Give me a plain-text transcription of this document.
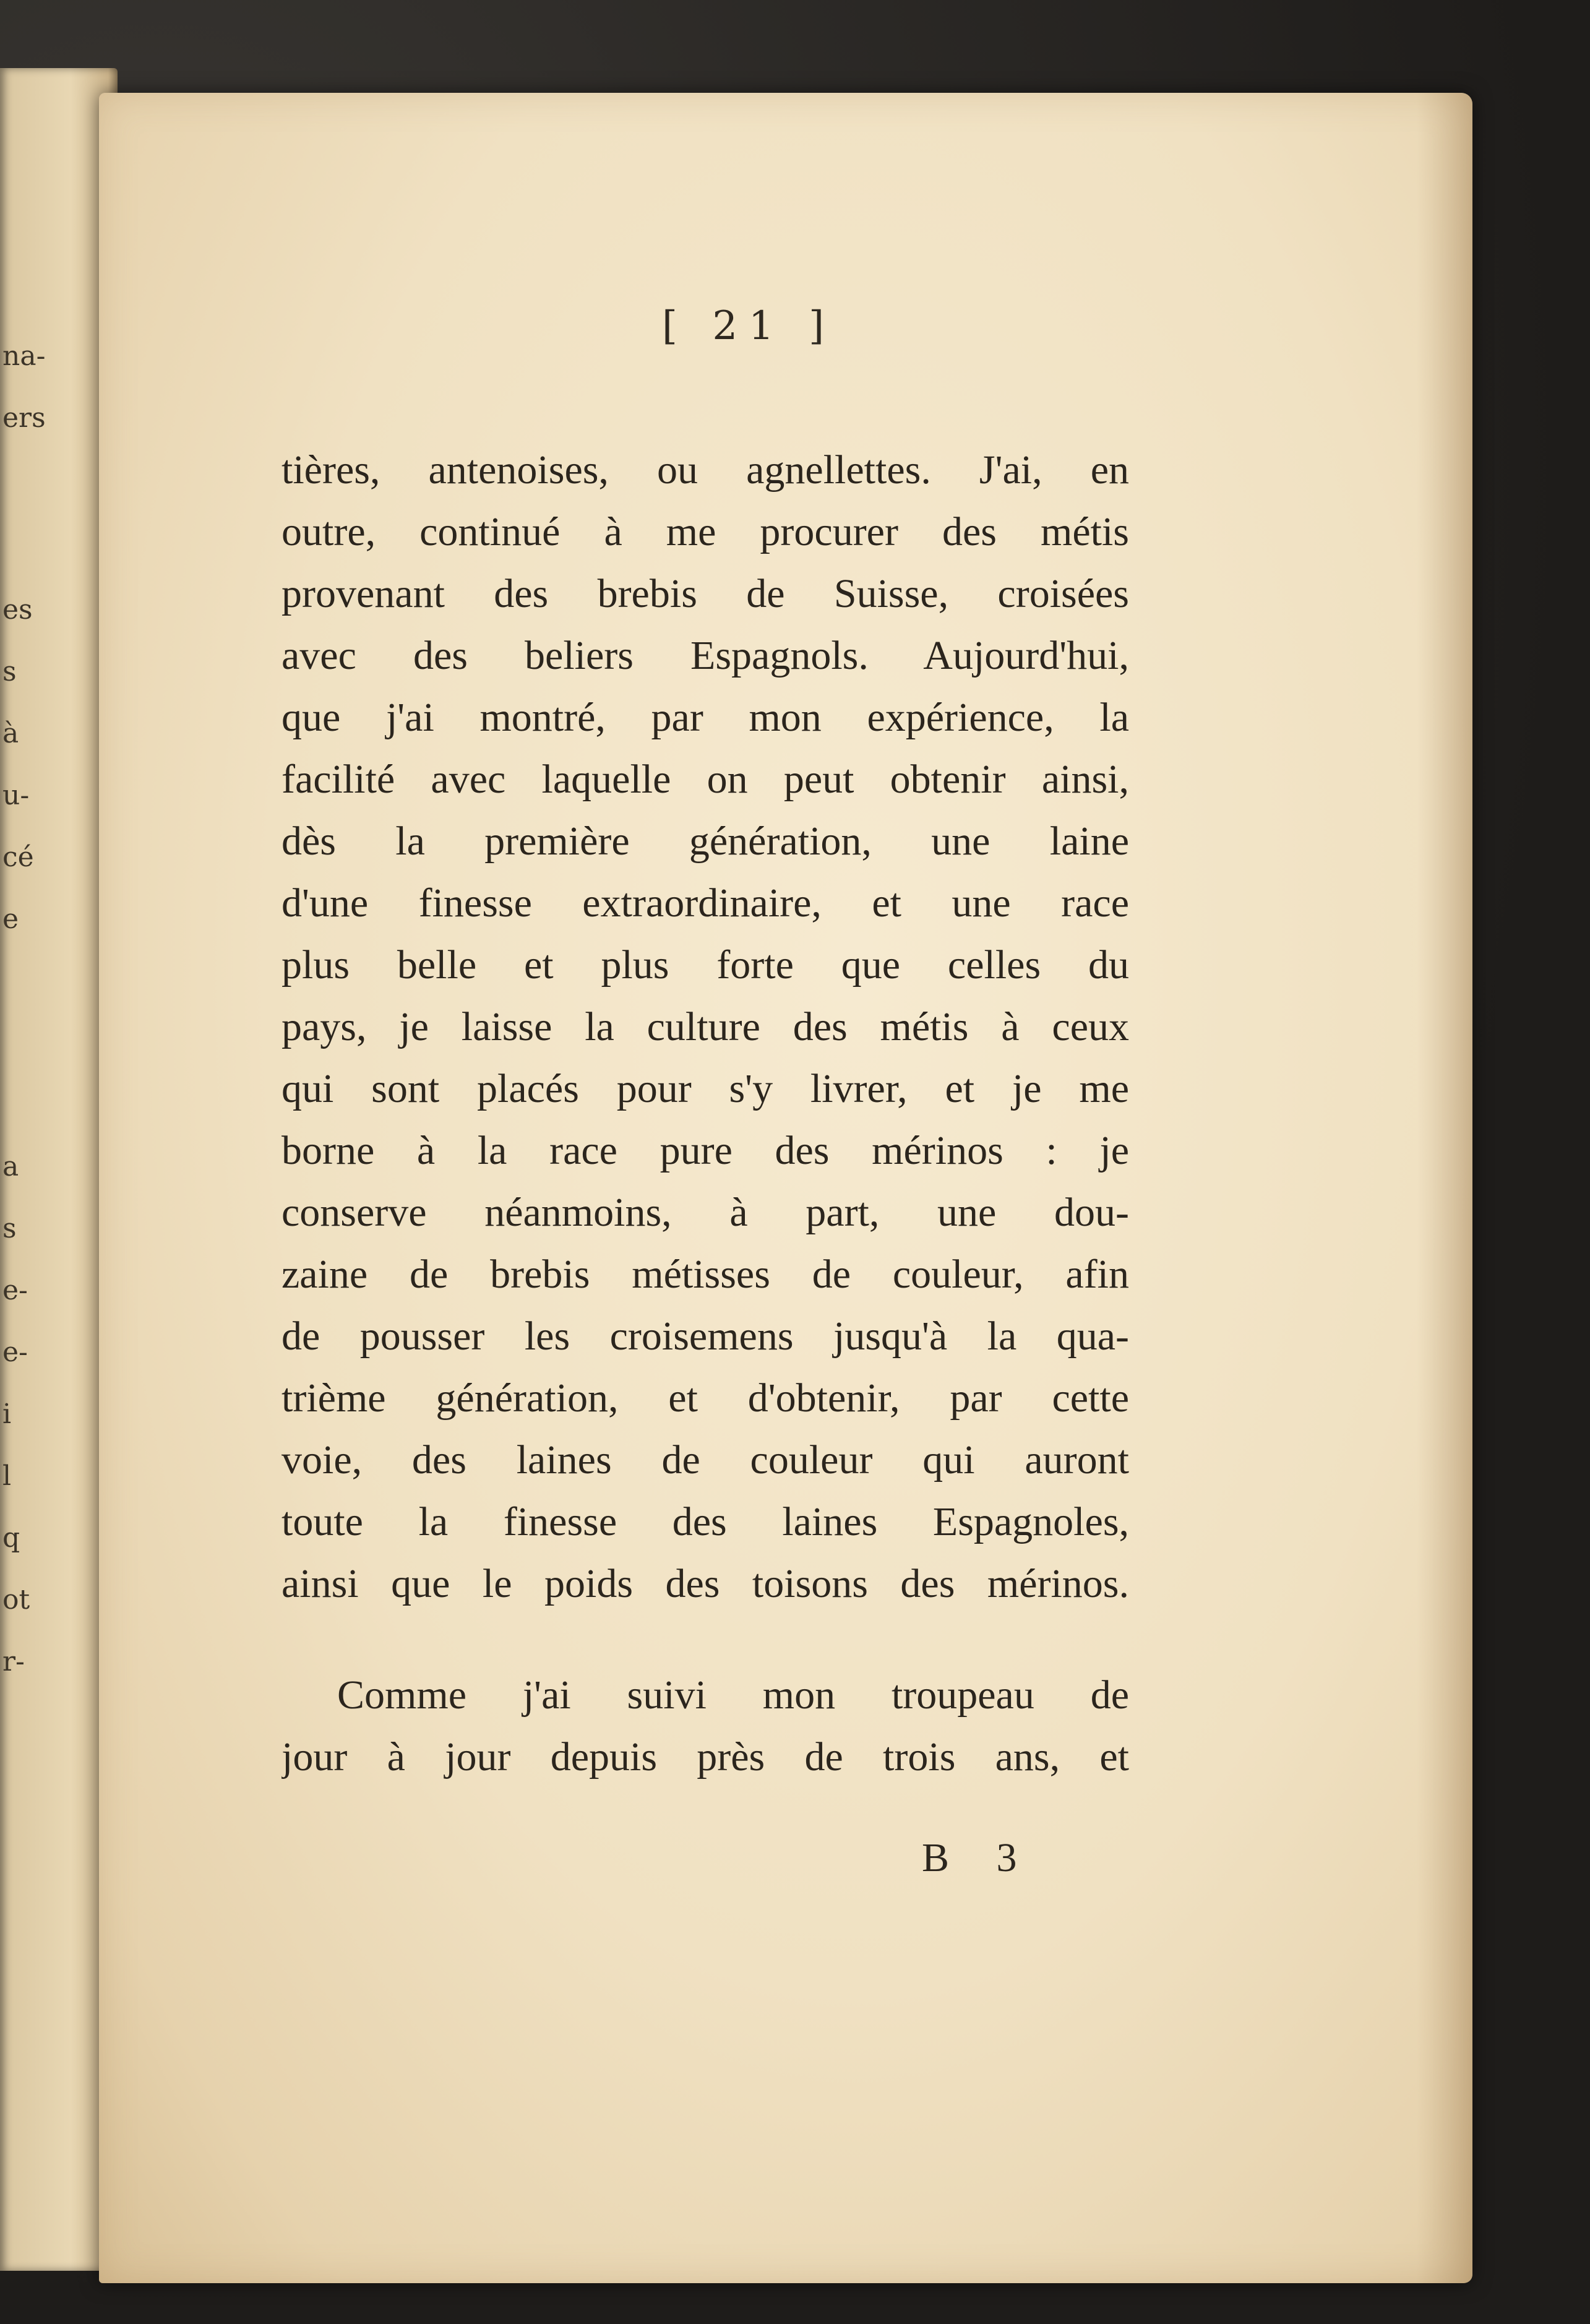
na-
ers
es
s
à
u-
cé
e
a
s
e-
e-
i
l
q
ot
r-
[ 21 ]
tières, antenoises, ou agnellettes. J'ai, en
outre, continué à me procurer des métis
provenant des brebis de Suisse, croisées
avec des beliers Espagnols. Aujourd'hui,
que j'ai montré, par mon expérience, la
facilité avec laquelle on peut obtenir ainsi,
dès la première génération, une laine
d'une finesse extraordinaire, et une race
plus belle et plus forte que celles du
pays, je laisse la culture des métis à ceux
qui sont placés pour s'y livrer, et je me
borne à la race pure des mérinos : je
conserve néanmoins, à part, une dou-
zaine de brebis métisses de couleur, afin
de pousser les croisemens jusqu'à la qua-
trième génération, et d'obtenir, par cette
voie, des laines de couleur qui auront
toute la finesse des laines Espagnoles,
ainsi que le poids des toisons des mérinos.
Comme j'ai suivi mon troupeau de
jour à jour depuis près de trois ans, et
B 3
